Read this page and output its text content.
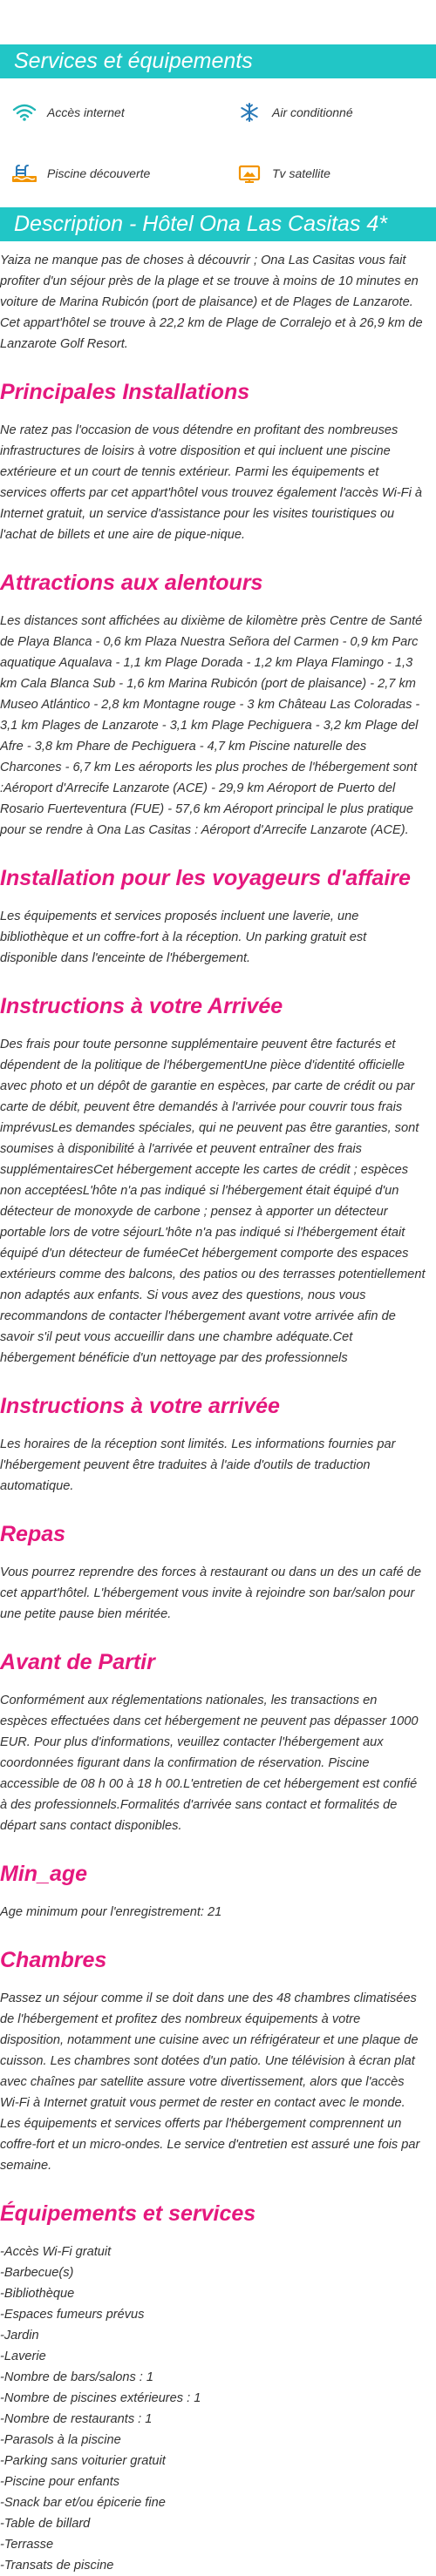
Services et équipements
Accès internet	Air conditionné
Piscine découverte	Tv satellite
Description - Hôtel Ona Las Casitas 4*

Yaiza ne manque pas de choses à découvrir ; Ona Las Casitas vous fait profiter d'un séjour près de la plage et se trouve à moins de 10 minutes en voiture de Marina Rubicón (port de plaisance) et de Plages de Lanzarote. Cet appart'hôtel se trouve à 22,2 km de Plage de Corralejo et à 26,9 km de Lanzarote Golf Resort.

Principales Installations

Ne ratez pas l'occasion de vous détendre en profitant des nombreuses infrastructures de loisirs à votre disposition et qui incluent une piscine extérieure et un court de tennis extérieur. Parmi les équipements et services offerts par cet appart'hôtel vous trouvez également l'accès Wi-Fi à Internet gratuit, un service d'assistance pour les visites touristiques ou l'achat de billets et une aire de pique-nique.

Attractions aux alentours

Les distances sont affichées au dixième de kilomètre près Centre de Santé de Playa Blanca - 0,6 km Plaza Nuestra Señora del Carmen - 0,9 km Parc aquatique Aqualava - 1,1 km Plage Dorada - 1,2 km Playa Flamingo - 1,3 km Cala Blanca Sub - 1,6 km Marina Rubicón (port de plaisance) - 2,7 km Museo Atlántico - 2,8 km Montagne rouge - 3 km Château Las Coloradas - 3,1 km Plages de Lanzarote - 3,1 km Plage Pechiguera - 3,2 km Plage del Afre - 3,8 km Phare de Pechiguera - 4,7 km Piscine naturelle des Charcones - 6,7 km Les aéroports les plus proches de l'hébergement sont :Aéroport d'Arrecife Lanzarote (ACE) - 29,9 km Aéroport de Puerto del Rosario Fuerteventura (FUE) - 57,6 km Aéroport principal le plus pratique pour se rendre à Ona Las Casitas : Aéroport d'Arrecife Lanzarote (ACE).

Installation pour les voyageurs d'affaire

Les équipements et services proposés incluent une laverie, une bibliothèque et un coffre-fort à la réception. Un parking gratuit est disponible dans l'enceinte de l'hébergement.

Instructions à votre Arrivée

Des frais pour toute personne supplémentaire peuvent être facturés et dépendent de la politique de l'hébergementUne pièce d'identité officielle avec photo et un dépôt de garantie en espèces, par carte de crédit ou par carte de débit, peuvent être demandés à l'arrivée pour couvrir tous frais imprévusLes demandes spéciales, qui ne peuvent pas être garanties, sont soumises à disponibilité à l'arrivée et peuvent entraîner des frais supplémentairesCet hébergement accepte les cartes de crédit ; espèces non acceptéesL'hôte n'a pas indiqué si l'hébergement était équipé d'un détecteur de monoxyde de carbone ; pensez à apporter un détecteur portable lors de votre séjourL'hôte n'a pas indiqué si l'hébergement était équipé d'un détecteur de fuméeCet hébergement comporte des espaces extérieurs comme des balcons, des patios ou des terrasses potentiellement non adaptés aux enfants. Si vous avez des questions, nous vous recommandons de contacter l'hébergement avant votre arrivée afin de savoir s'il peut vous accueillir dans une chambre adéquate.Cet hébergement bénéficie d'un nettoyage par des professionnels

Instructions à votre arrivée

Les horaires de la réception sont limités. Les informations fournies par l'hébergement peuvent être traduites à l'aide d'outils de traduction automatique.

Repas

Vous pourrez reprendre des forces à restaurant ou dans un des un café de cet appart'hôtel. L'hébergement vous invite à rejoindre son bar/salon pour une petite pause bien méritée.

Avant de Partir

Conformément aux réglementations nationales, les transactions en espèces effectuées dans cet hébergement ne peuvent pas dépasser 1000 EUR. Pour plus d'informations, veuillez contacter l'hébergement aux coordonnées figurant dans la confirmation de réservation. Piscine accessible de 08 h 00 à 18 h 00.L'entretien de cet hébergement est confié à des professionnels.Formalités d'arrivée sans contact et formalités de départ sans contact disponibles.

Min_age

Age minimum pour l'enregistrement: 21

Chambres

Passez un séjour comme il se doit dans une des 48 chambres climatisées de l'hébergement et profitez des nombreux équipements à votre disposition, notamment une cuisine avec un réfrigérateur et une plaque de cuisson. Les chambres sont dotées d'un patio. Une télévision à écran plat avec chaînes par satellite assure votre divertissement, alors que l'accès Wi-Fi à Internet gratuit vous permet de rester en contact avec le monde. Les équipements et services offerts par l'hébergement comprennent un coffre-fort et un micro-ondes. Le service d'entretien est assuré une fois par semaine.

Équipements et services
-Accès Wi-Fi gratuit
-Barbecue(s)
-Bibliothèque
-Espaces fumeurs prévus
-Jardin
-Laverie
-Nombre de bars/salons : 1
-Nombre de piscines extérieures : 1
-Nombre de restaurants : 1
-Parasols à la piscine
-Parking sans voiturier gratuit
-Piscine pour enfants
-Snack bar et/ou épicerie fine
-Table de billard
-Terrasse
-Transats de piscine
